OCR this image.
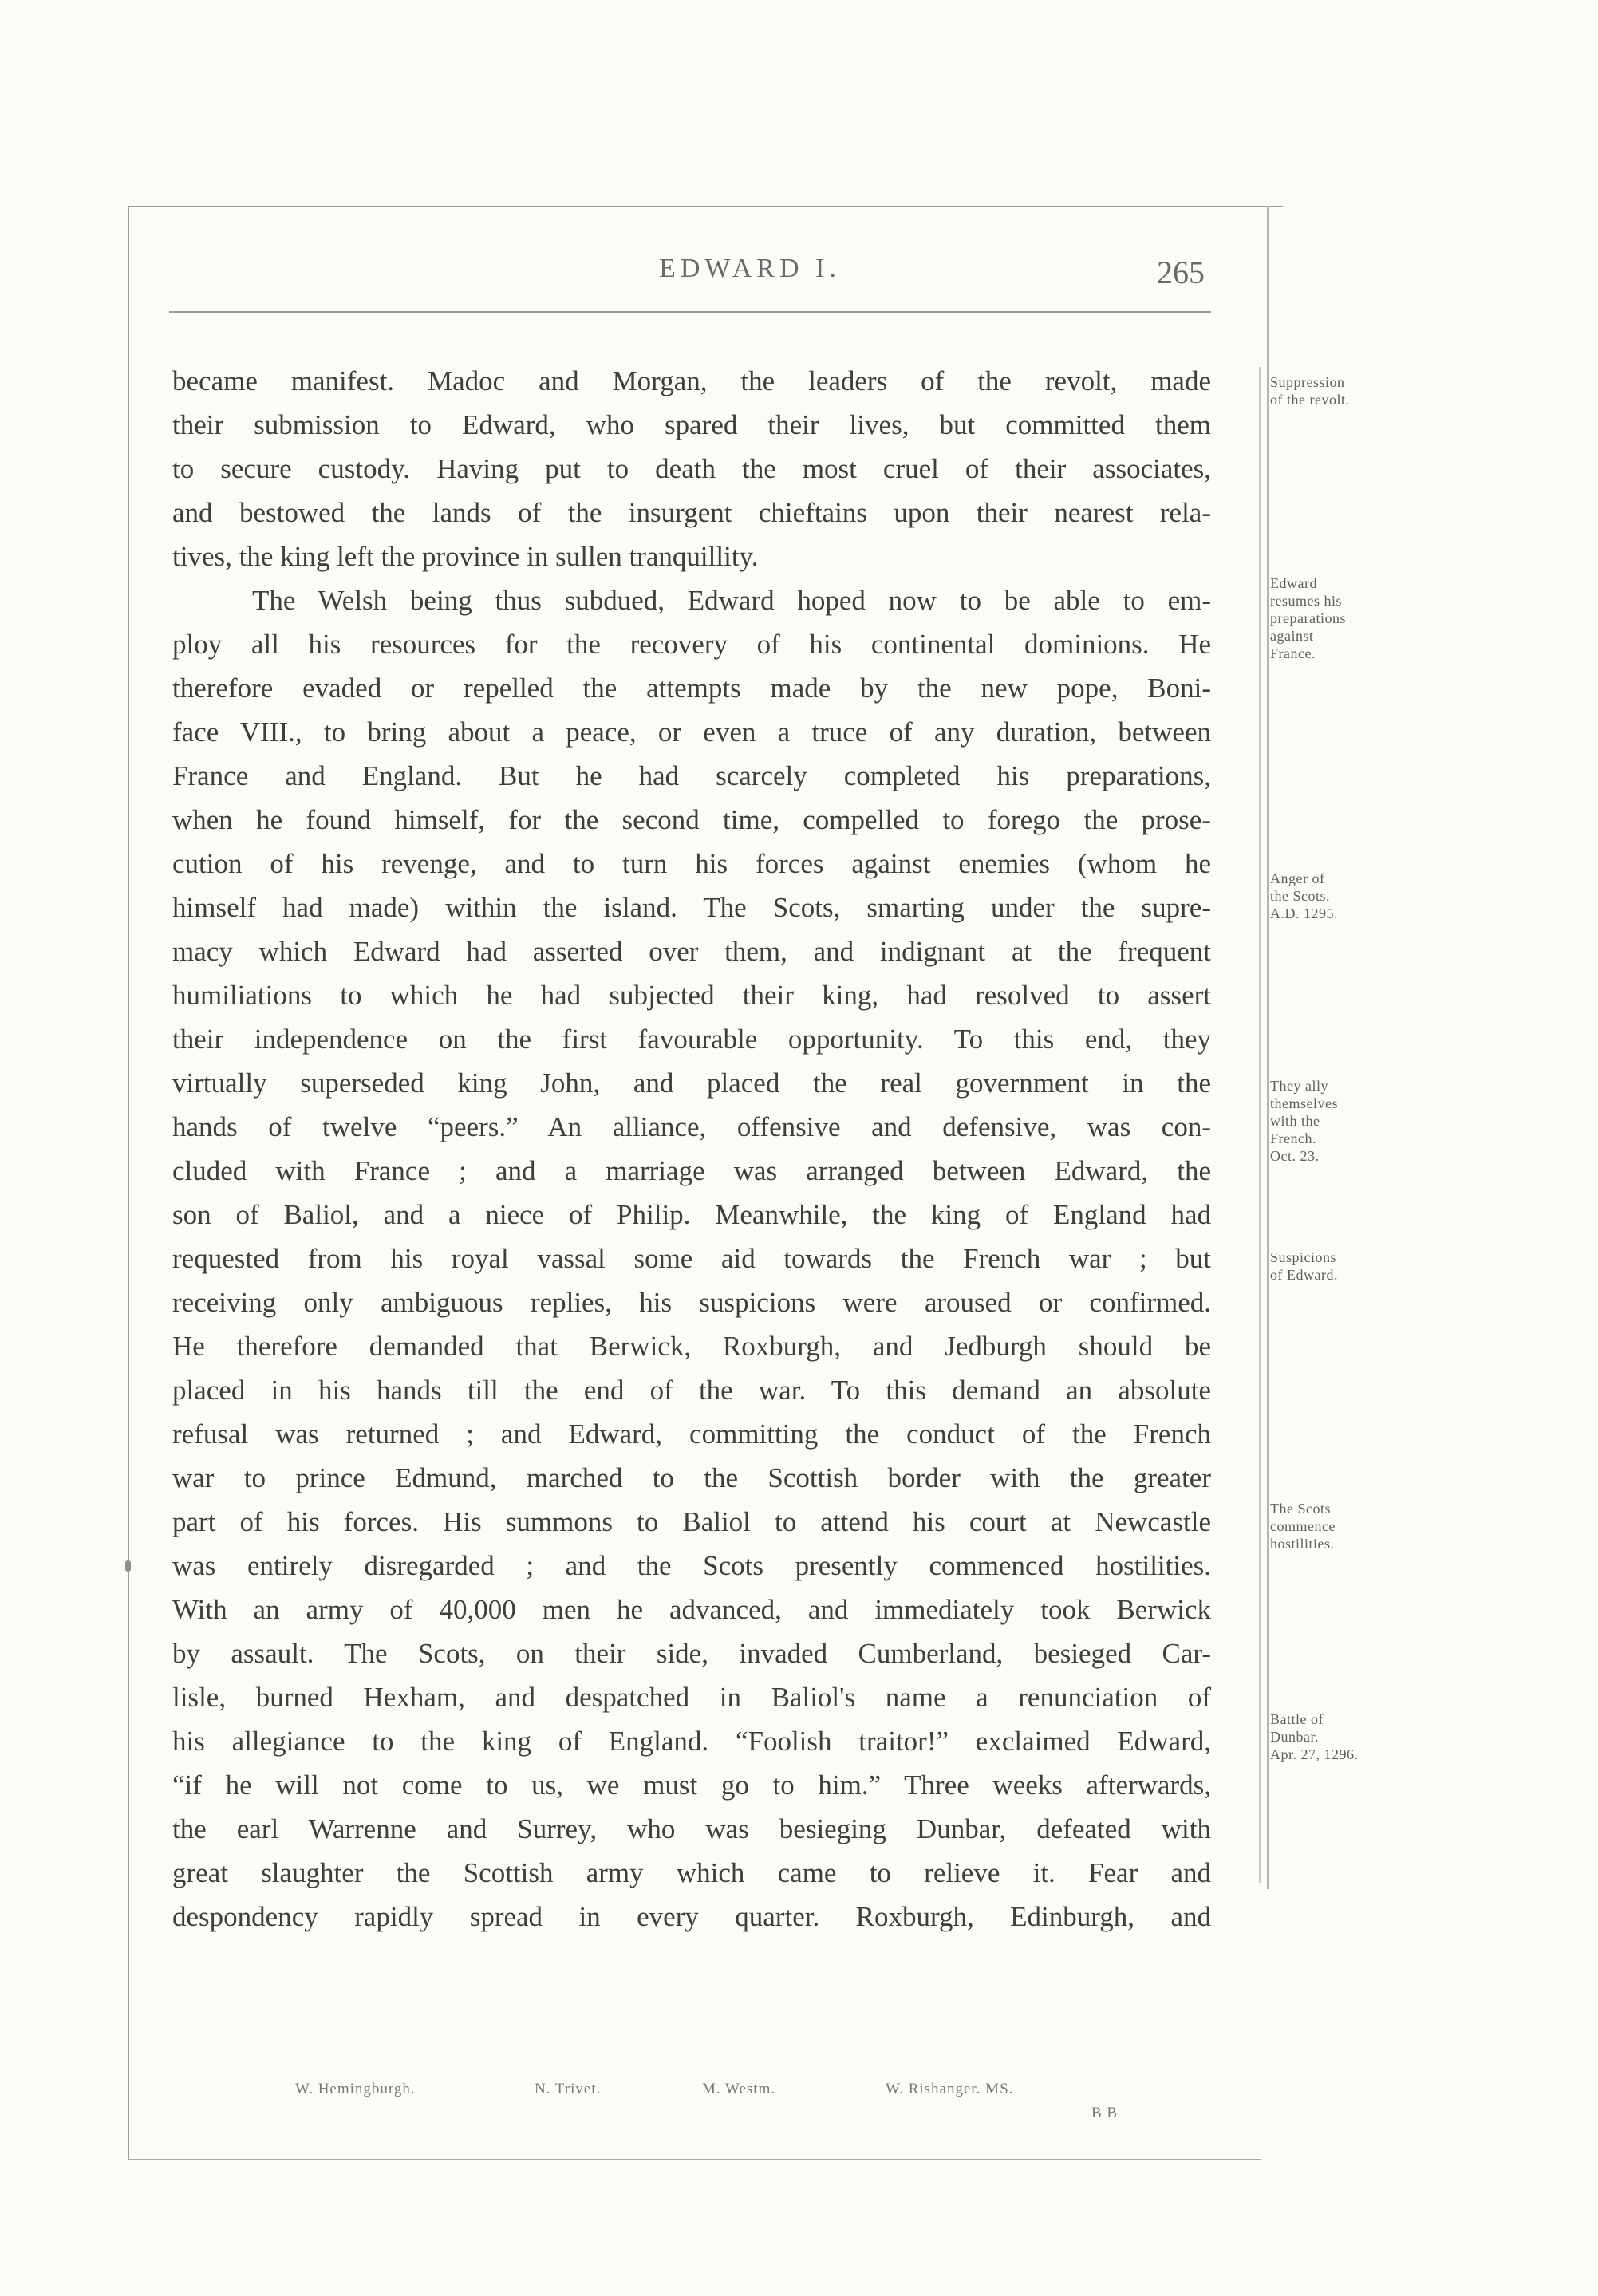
EDWARD I.	265
became manifest. Madoc and Morgan, the leaders of the revolt, made
their submission to Edward, who spared their lives, but committed them
to secure custody. Having put to death the most cruel of their associates,
and bestowed the lands of the insurgent chieftains upon their nearest rela-
tives, the king left the province in sullen tranquillity.
The Welsh being thus subdued, Edward hoped now to be able to em-
ploy all his resources for the recovery of his continental dominions. He
therefore evaded or repelled the attempts made by the new pope, Boni-
face VIII., to bring about a peace, or even a truce of any duration, between
France and England. But he had scarcely completed his preparations,
when he found himself, for the second time, compelled to forego the prose-
cution of his revenge, and to turn his forces against enemies (whom he
himself had made) within the island. The Scots, smarting under the supre-
macy which Edward had asserted over them, and indignant at the frequent
humiliations to which he had subjected their king, had resolved to assert
their independence on the first favourable opportunity. To this end, they
virtually superseded king John, and placed the real government in the
hands of twelve “peers.” An alliance, offensive and defensive, was con-
cluded with France ; and a marriage was arranged between Edward, the
son of Baliol, and a niece of Philip. Meanwhile, the king of England had
requested from his royal vassal some aid towards the French war ; but
receiving only ambiguous replies, his suspicions were aroused or confirmed.
He therefore demanded that Berwick, Roxburgh, and Jedburgh should be
placed in his hands till the end of the war. To this demand an absolute
refusal was returned ; and Edward, committing the conduct of the French
war to prince Edmund, marched to the Scottish border with the greater
part of his forces. His summons to Baliol to attend his court at Newcastle
was entirely disregarded ; and the Scots presently commenced hostilities.
With an army of 40,000 men he advanced, and immediately took Berwick
by assault. The Scots, on their side, invaded Cumberland, besieged Car-
lisle, burned Hexham, and despatched in Baliol's name a renunciation of
his allegiance to the king of England. “Foolish traitor!” exclaimed Edward,
“if he will not come to us, we must go to him.” Three weeks afterwards,
the earl Warrenne and Surrey, who was besieging Dunbar, defeated with
great slaughter the Scottish army which came to relieve it. Fear and
despondency rapidly spread in every quarter. Roxburgh, Edinburgh, and
Suppression
of the revolt.
Edward
resumes his
preparations
against
France.
Anger of
the Scots.
A.D. 1295.
They ally
themselves
with the
French.
Oct. 23.
Suspicions
of Edward.
The Scots
commence
hostilities.
Battle of
Dunbar.
Apr. 27, 1296.
W. Hemingburgh.	N. Trivet.	M. Westm.	W. Rishanger. MS.
B B
